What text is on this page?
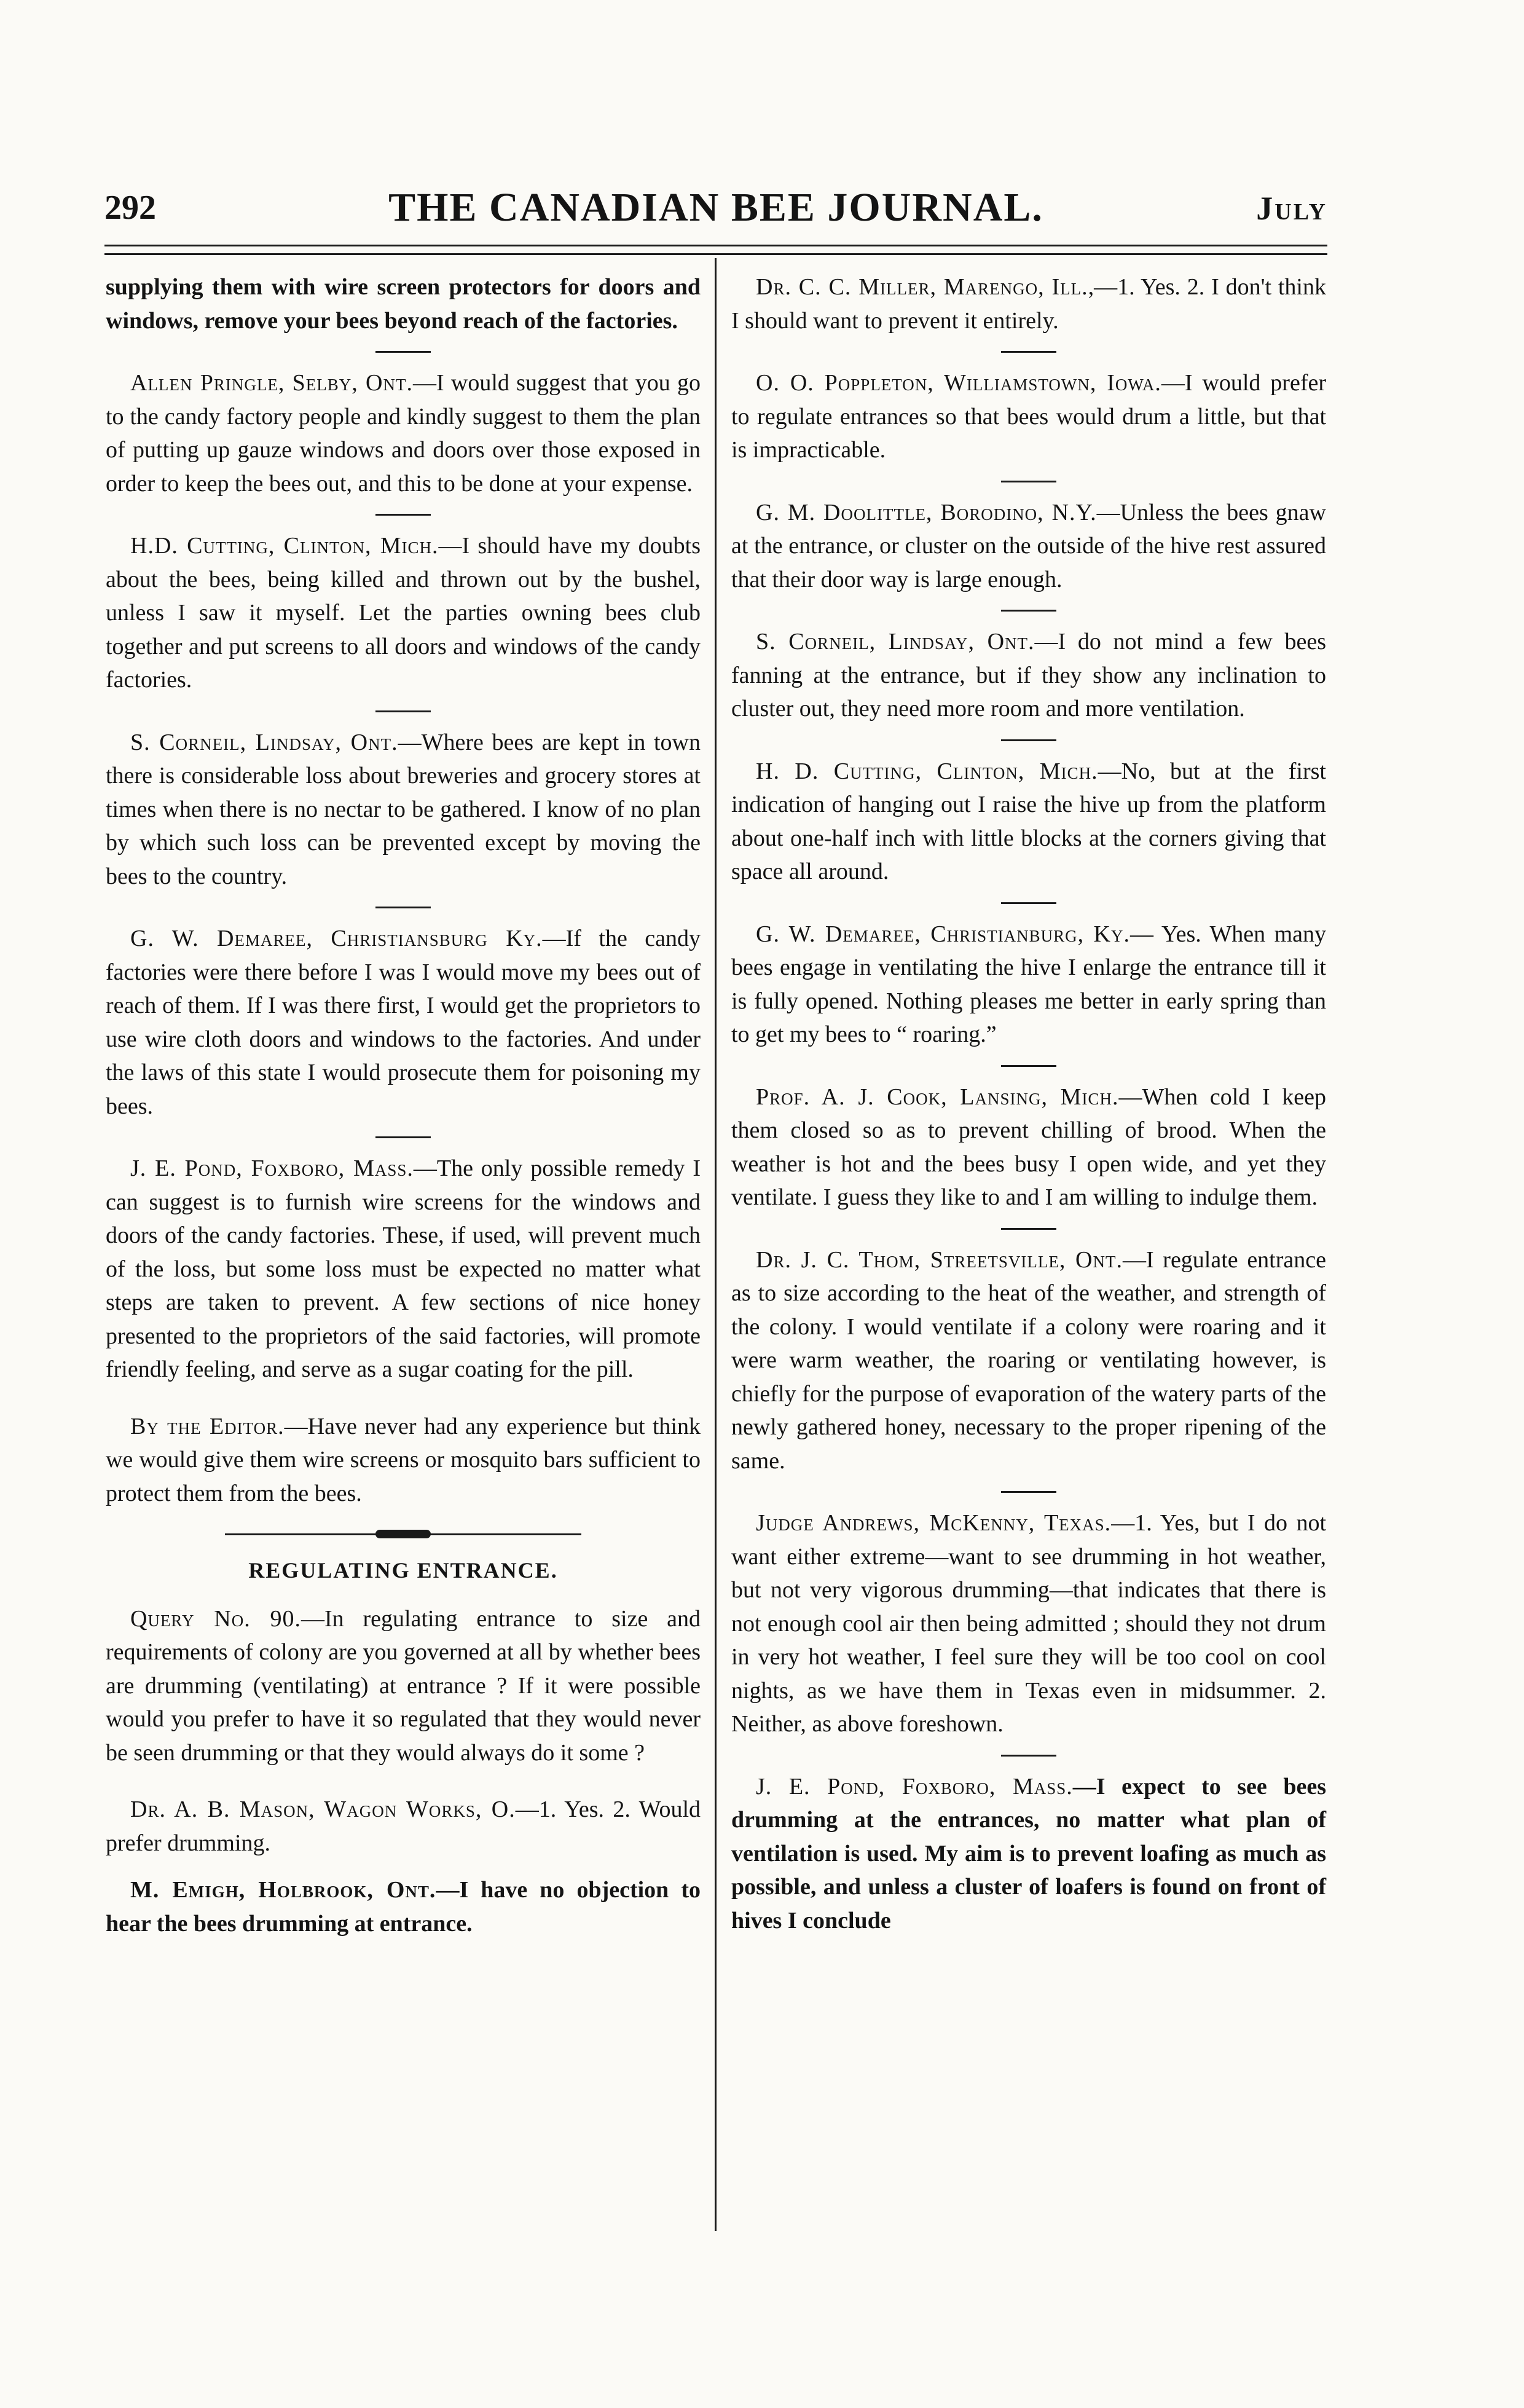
292	THE CANADIAN BEE JOURNAL.	July

supplying them with wire screen protectors for doors and windows, remove your bees beyond reach of the factories.

Allen Pringle, Selby, Ont.—I would suggest that you go to the candy factory people and kindly suggest to them the plan of putting up gauze windows and doors over those exposed in order to keep the bees out, and this to be done at your expense.

H.D. Cutting, Clinton, Mich.—I should have my doubts about the bees, being killed and thrown out by the bushel, unless I saw it myself. Let the parties owning bees club together and put screens to all doors and windows of the candy factories.

S. Corneil, Lindsay, Ont.—Where bees are kept in town there is considerable loss about breweries and grocery stores at times when there is no nectar to be gathered. I know of no plan by which such loss can be prevented except by moving the bees to the country.

G. W. Demaree, Christiansburg Ky.—If the candy factories were there before I was I would move my bees out of reach of them. If I was there first, I would get the proprietors to use wire cloth doors and windows to the factories. And under the laws of this state I would prosecute them for poisoning my bees.

J. E. Pond, Foxboro, Mass.—The only possible remedy I can suggest is to furnish wire screens for the windows and doors of the candy factories. These, if used, will prevent much of the loss, but some loss must be expected no matter what steps are taken to prevent. A few sections of nice honey presented to the proprietors of the said factories, will promote friendly feeling, and serve as a sugar coating for the pill.

By the Editor.—Have never had any experience but think we would give them wire screens or mosquito bars sufficient to protect them from the bees.

REGULATING ENTRANCE.

Query No. 90.—In regulating entrance to size and requirements of colony are you governed at all by whether bees are drumming (ventilating) at entrance ? If it were possible would you prefer to have it so regulated that they would never be seen drumming or that they would always do it some ?

Dr. A. B. Mason, Wagon Works, O.—1. Yes. 2. Would prefer drumming.

M. Emigh, Holbrook, Ont.—I have no objection to hear the bees drumming at entrance.

Dr. C. C. Miller, Marengo, Ill.,—1. Yes. 2. I don't think I should want to prevent it entirely.

O. O. Poppleton, Williamstown, Iowa.—I would prefer to regulate entrances so that bees would drum a little, but that is impracticable.

G. M. Doolittle, Borodino, N.Y.—Unless the bees gnaw at the entrance, or cluster on the outside of the hive rest assured that their door way is large enough.

S. Corneil, Lindsay, Ont.—I do not mind a few bees fanning at the entrance, but if they show any inclination to cluster out, they need more room and more ventilation.

H. D. Cutting, Clinton, Mich.—No, but at the first indication of hanging out I raise the hive up from the platform about one-half inch with little blocks at the corners giving that space all around.

G. W. Demaree, Christianburg, Ky.— Yes. When many bees engage in ventilating the hive I enlarge the entrance till it is fully opened. Nothing pleases me better in early spring than to get my bees to “ roaring.”

Prof. A. J. Cook, Lansing, Mich.—When cold I keep them closed so as to prevent chilling of brood. When the weather is hot and the bees busy I open wide, and yet they ventilate. I guess they like to and I am willing to indulge them.

Dr. J. C. Thom, Streetsville, Ont.—I regulate entrance as to size according to the heat of the weather, and strength of the colony. I would ventilate if a colony were roaring and it were warm weather, the roaring or ventilating however, is chiefly for the purpose of evaporation of the watery parts of the newly gathered honey, necessary to the proper ripening of the same.

Judge Andrews, McKenny, Texas.—1. Yes, but I do not want either extreme—want to see drumming in hot weather, but not very vigorous drumming—that indicates that there is not enough cool air then being admitted ; should they not drum in very hot weather, I feel sure they will be too cool on cool nights, as we have them in Texas even in midsummer. 2. Neither, as above foreshown.

J. E. Pond, Foxboro, Mass.—I expect to see bees drumming at the entrances, no matter what plan of ventilation is used. My aim is to prevent loafing as much as possible, and unless a cluster of loafers is found on front of hives I conclude
